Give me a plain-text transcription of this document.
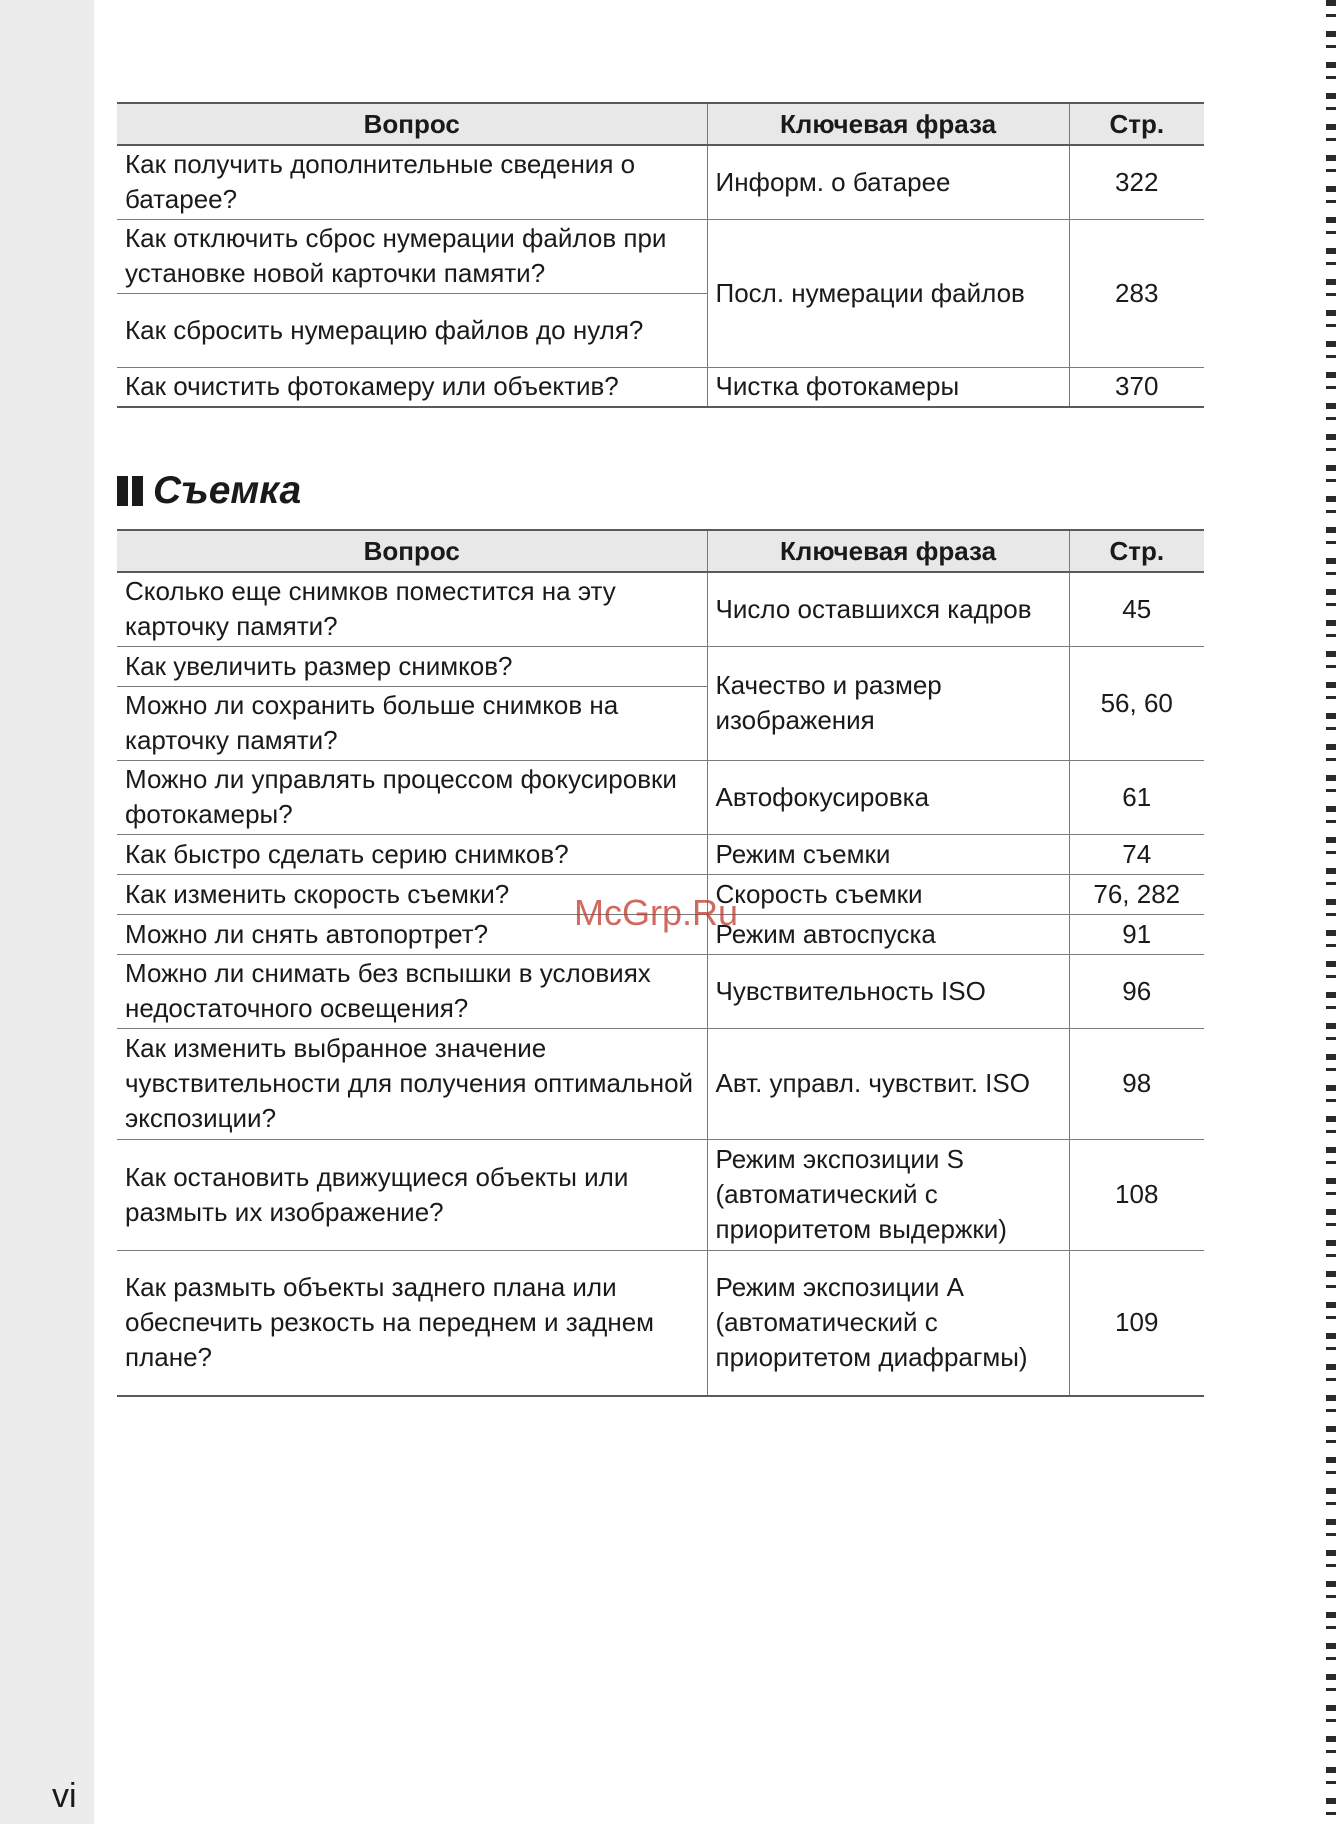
Вопрос	Ключевая фраза	Стр.
Как получить дополнительные сведения о батарее?	Информ. о батарее	322
Как отключить сброс нумерации файлов при установке новой карточки памяти?	Посл. нумерации файлов	283
Как сбросить нумерацию файлов до нуля?		
Как очистить фотокамеру или объектив?	Чистка фотокамеры	370
Съемка
Вопрос	Ключевая фраза	Стр.
Сколько еще снимков поместится на эту карточку памяти?	Число оставшихся кадров	45
Как увеличить размер снимков?	Качество и размер изображения	56, 60
Можно ли сохранить больше снимков на карточку памяти?		
Можно ли управлять процессом фокусировки фотокамеры?	Автофокусировка	61
Как быстро сделать серию снимков?	Режим съемки	74
Как изменить скорость съемки?	Скорость съемки	76, 282
Можно ли снять автопортрет?	Режим автоспуска	91
Можно ли снимать без вспышки в условиях недостаточного освещения?	Чувствительность ISO	96
Как изменить выбранное значение чувствительности для получения оптимальной экспозиции?	Авт. управл. чувствит. ISO	98
Как остановить движущиеся объекты или размыть их изображение?	Режим экспозиции S (автоматический с приоритетом выдержки)	108
Как размыть объекты заднего плана или обеспечить резкость на переднем и заднем плане?	Режим экспозиции A (автоматический с приоритетом диафрагмы)	109
McGrp.Ru
vi
